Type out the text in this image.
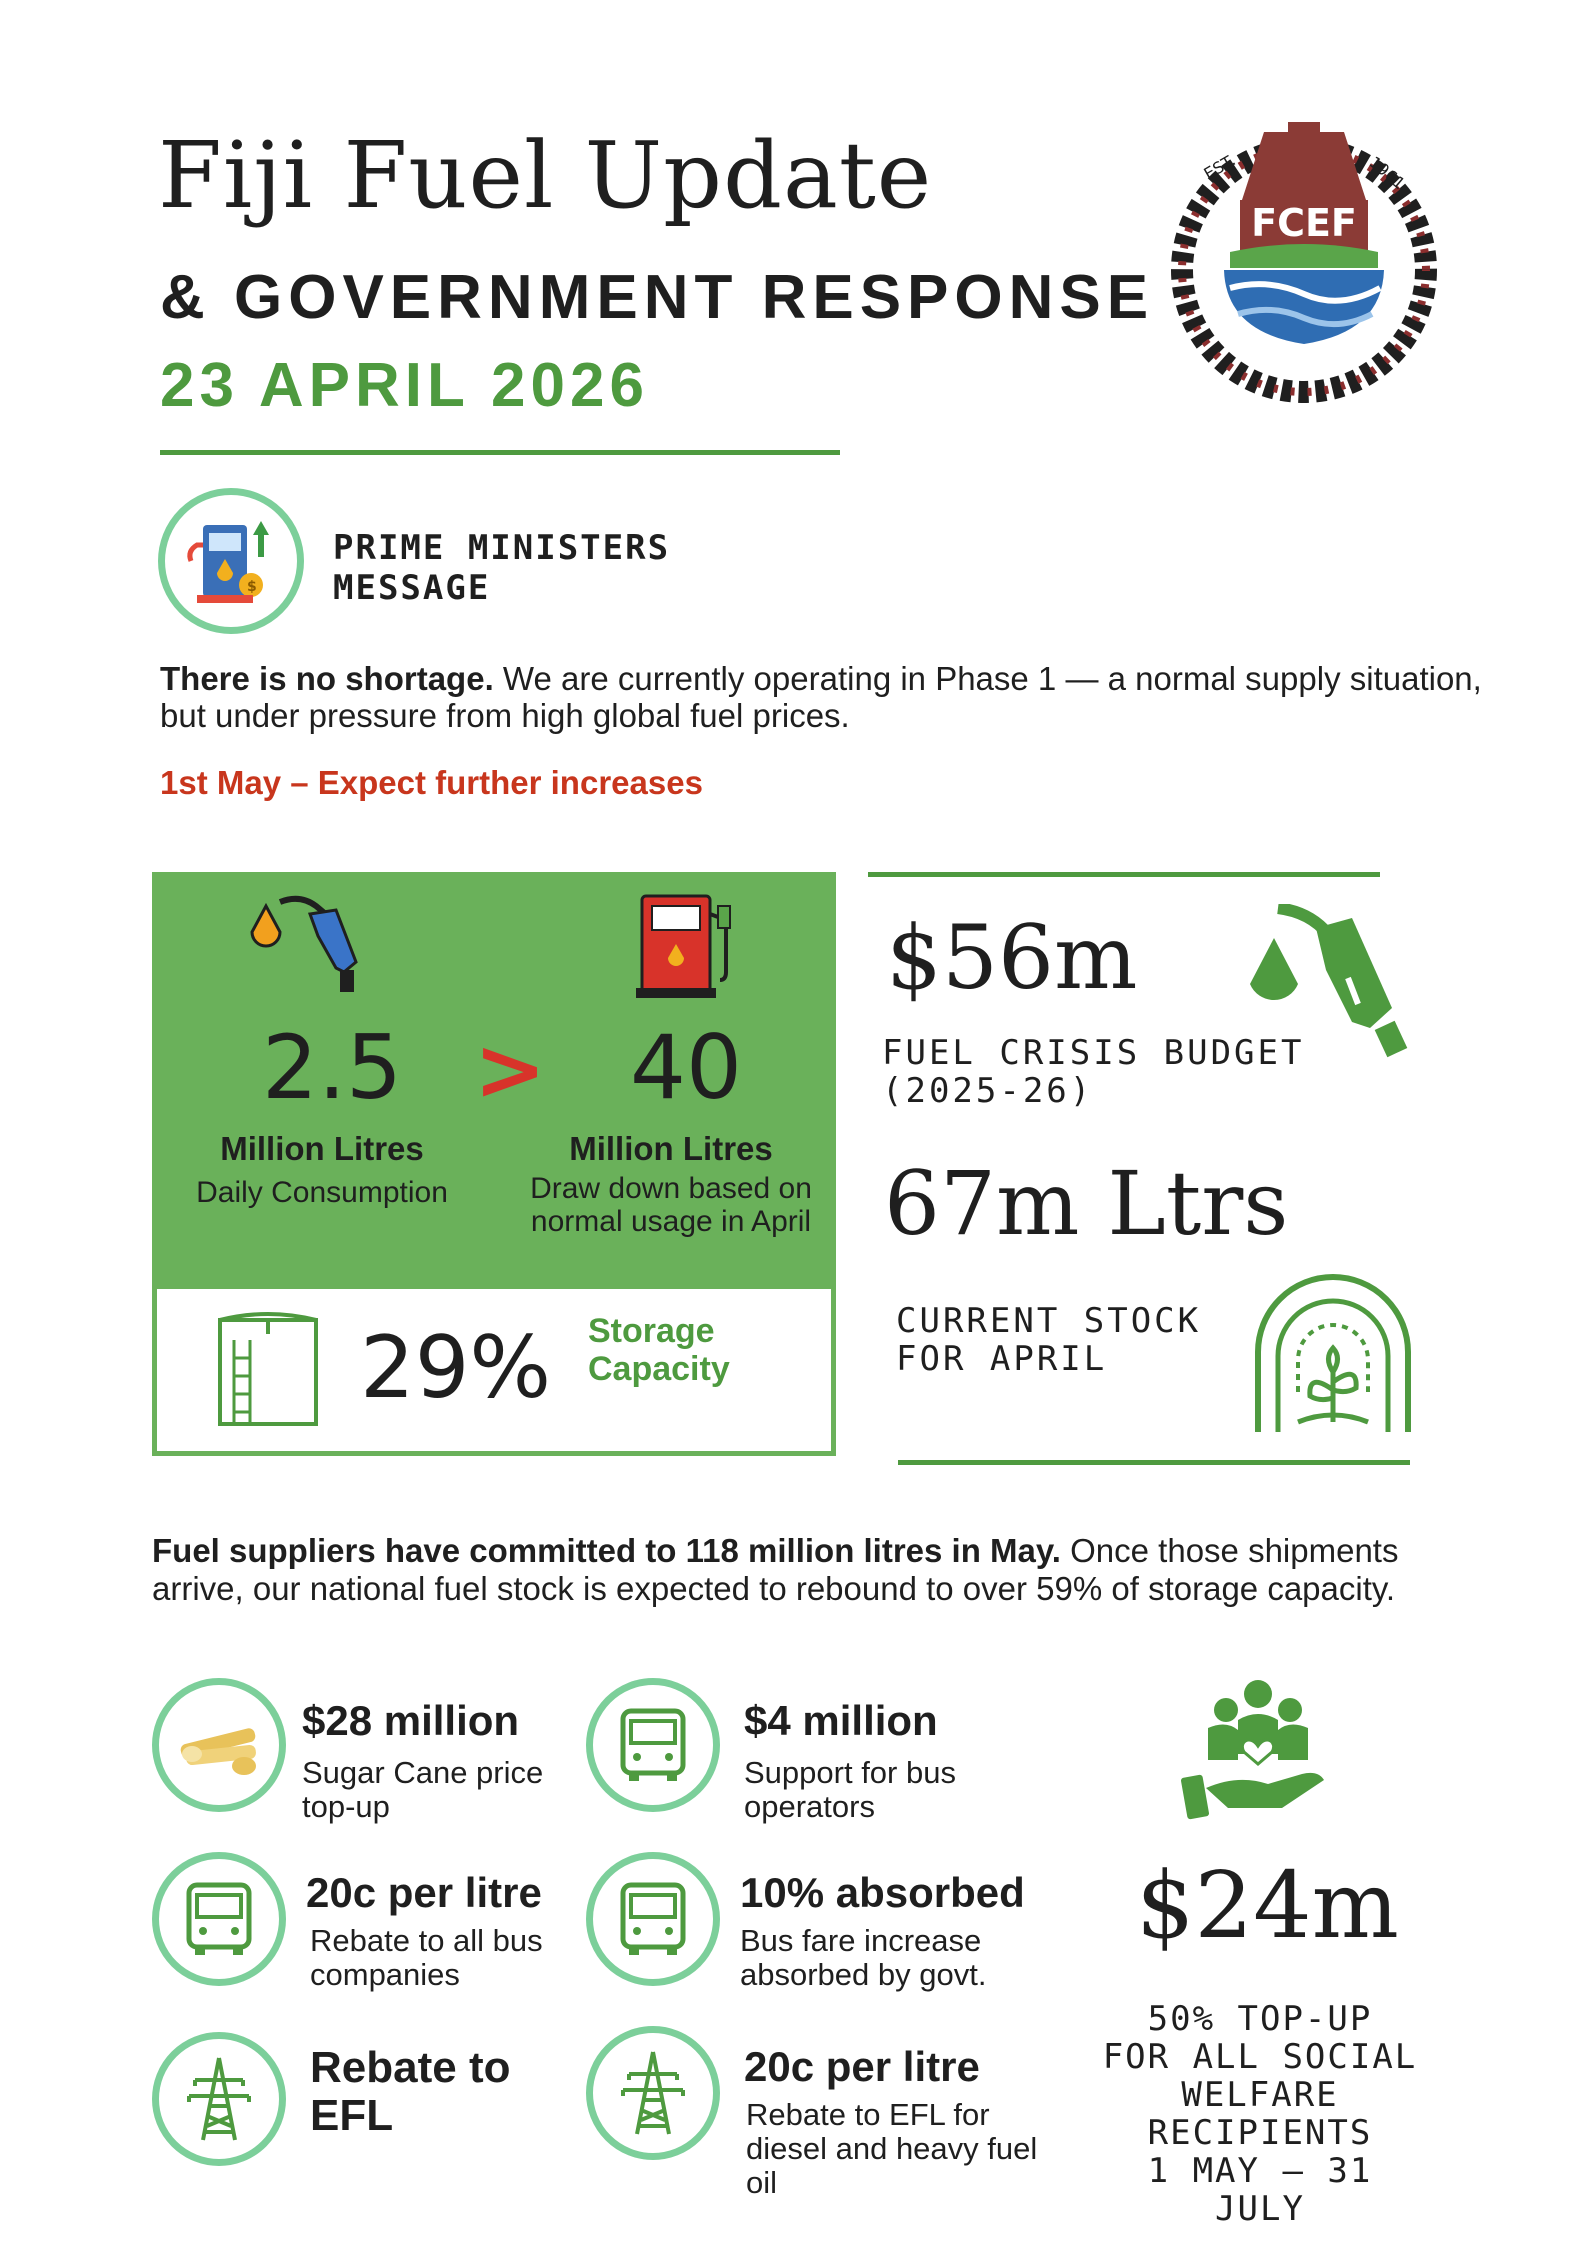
Fiji Fuel Update
& GOVERNMENT RESPONSE
23 APRIL 2026
FCEF
EST.	1961
$
PRIME MINISTERS
MESSAGE
There is no shortage. We are currently operating in Phase 1 — a normal supply situation, but under pressure from high global fuel prices.
1st May – Expect further increases
2.5 > 40
Million Litres
Daily Consumption
Million Litres
Draw down based on
normal usage in April
29% Storage
Capacity
$56m
FUEL CRISIS BUDGET
(2025-26)
67m Ltrs
CURRENT STOCK
FOR APRIL
Fuel suppliers have committed to 118 million litres in May. Once those shipments arrive, our national fuel stock is expected to rebound to over 59% of storage capacity.
$28 million
Sugar Cane price
top-up
$4 million
Support for bus
operators
20c per litre
Rebate to all bus
companies
10% absorbed
Bus fare increase
absorbed by govt.
Rebate to
EFL
20c per litre
Rebate to EFL for
diesel and heavy fuel
oil
$24m
50% TOP-UP
FOR ALL SOCIAL
WELFARE
RECIPIENTS
1 MAY – 31 JULY
